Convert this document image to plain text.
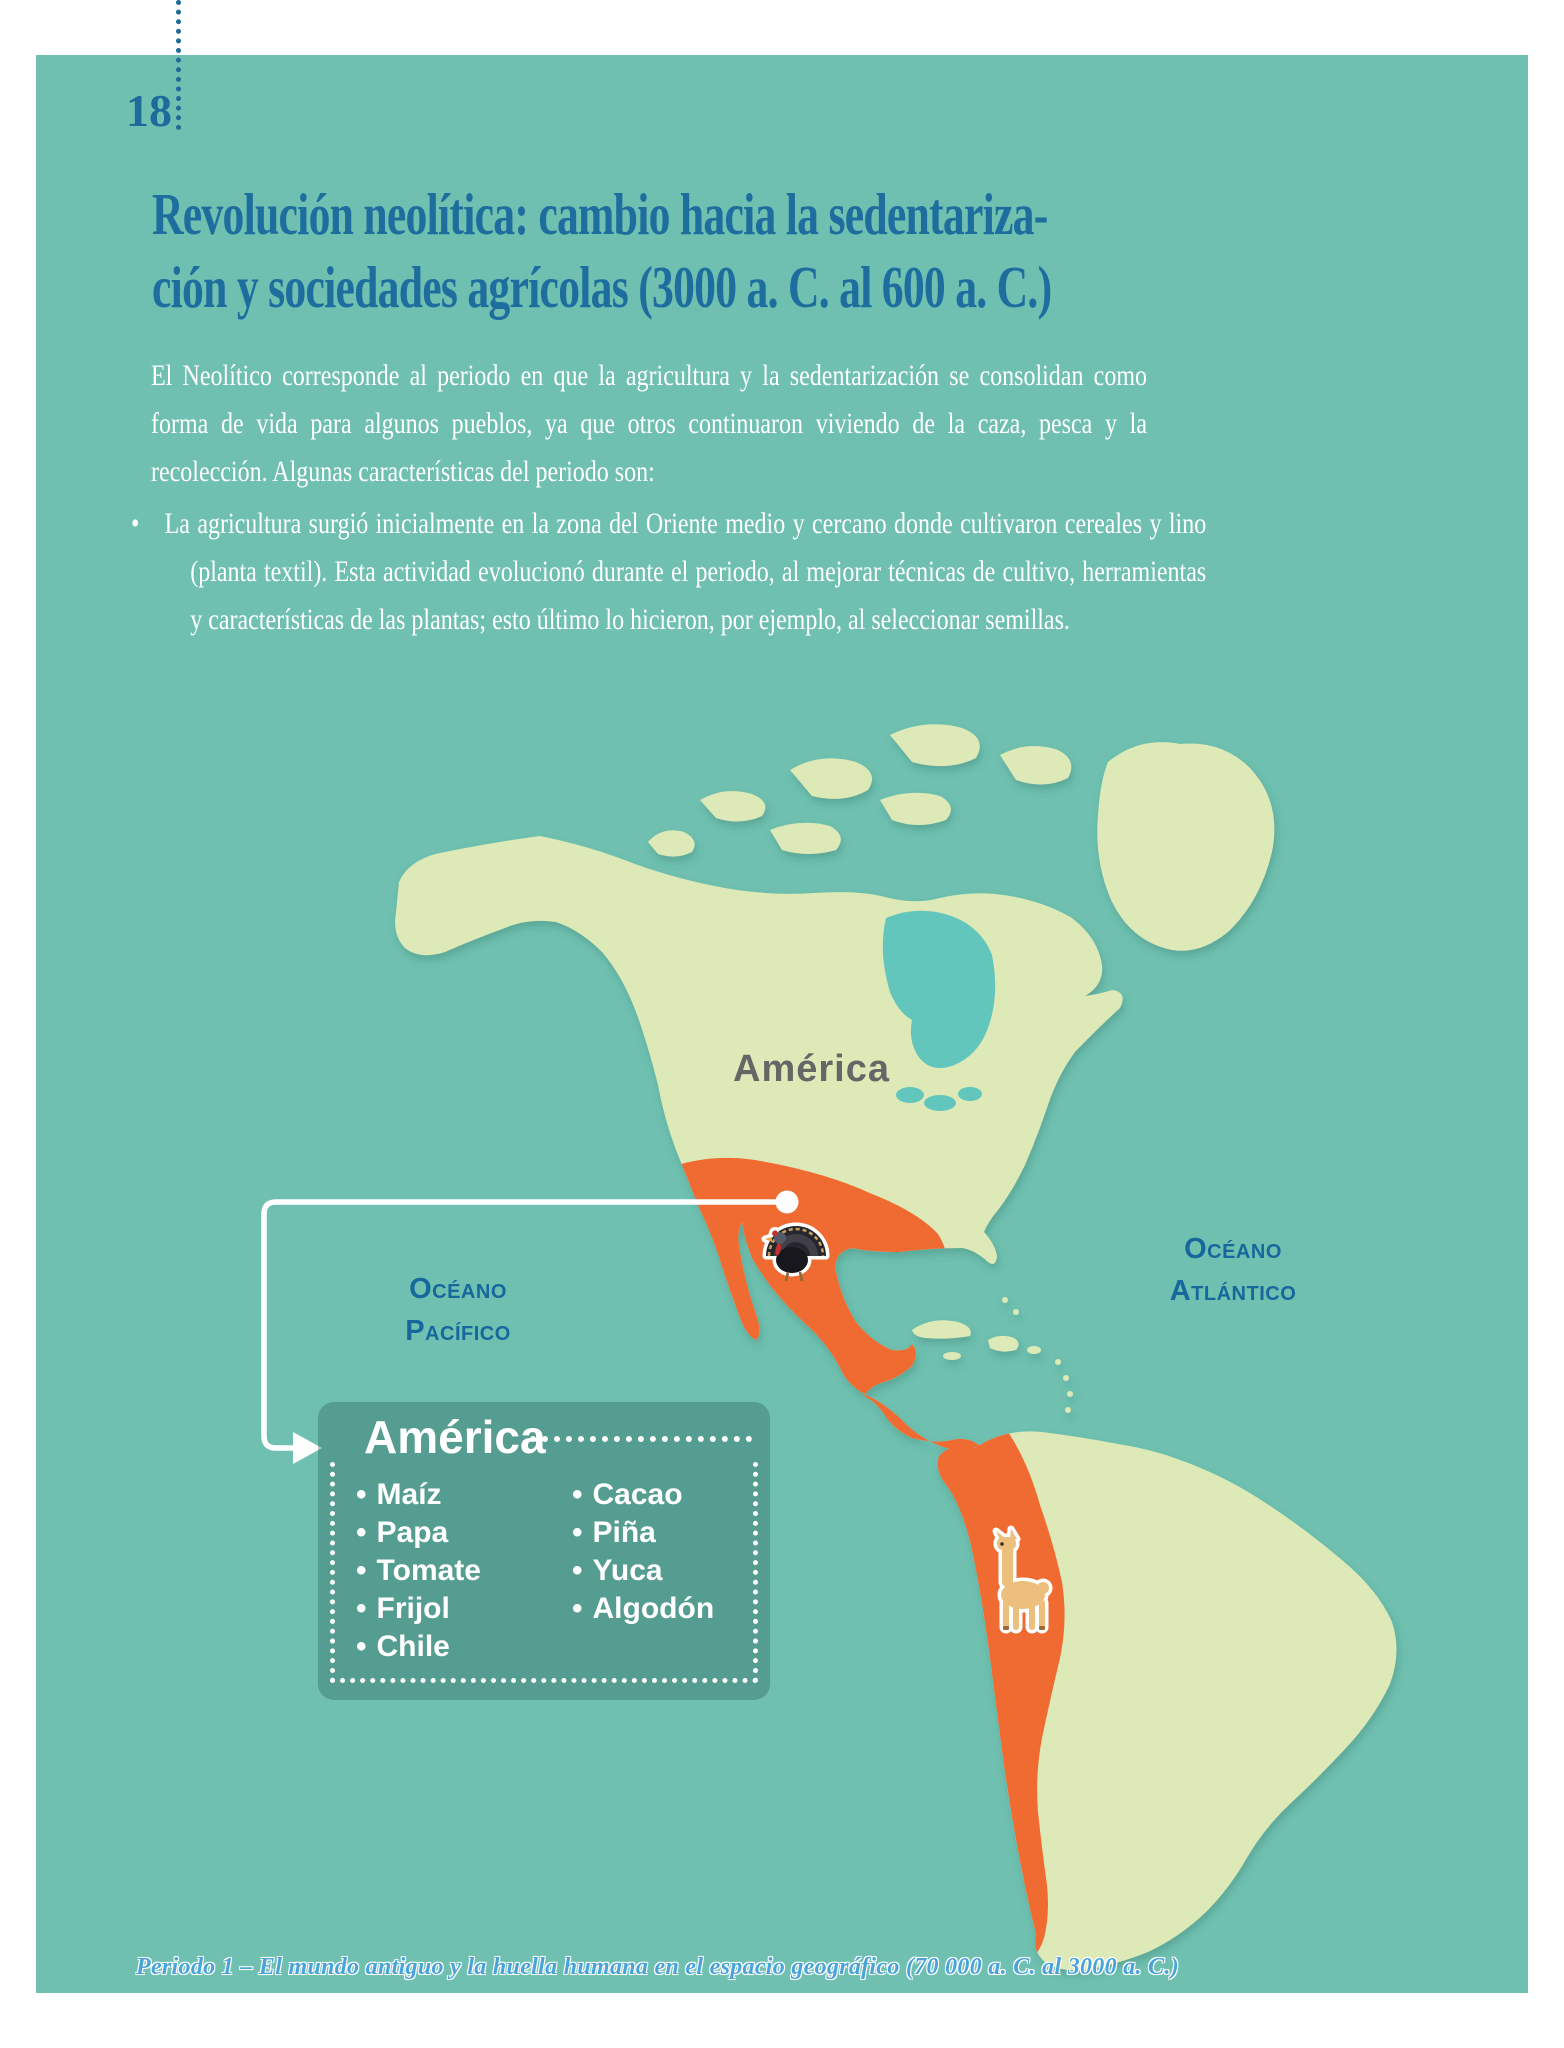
18
Revolución neolítica: cambio hacia la sedentariza-
ción y sociedades agrícolas (3000 a. C. al 600 a. C.)
El Neolítico corresponde al periodo en que la agricultura y la sedentarización se consolidan como forma de vida para algunos pueblos, ya que otros continuaron viviendo de la caza, pesca y la recolección. Algunas características del periodo son:
• La agricultura surgió inicialmente en la zona del Oriente medio y cercano donde cultivaron cereales y lino (planta textil). Esta actividad evolucionó durante el periodo, al mejorar técnicas de cultivo, herramientas y características de las plantas; esto último lo hicieron, por ejemplo, al seleccionar semillas.
América
Océano
Pacífico
Océano
Atlántico
América
• Maíz
• Papa
• Tomate
• Frijol
• Chile
• Cacao
• Piña
• Yuca
• Algodón
Periodo 1 – El mundo antiguo y la huella humana en el espacio geográfico (70 000 a. C. al 3000 a. C.)
